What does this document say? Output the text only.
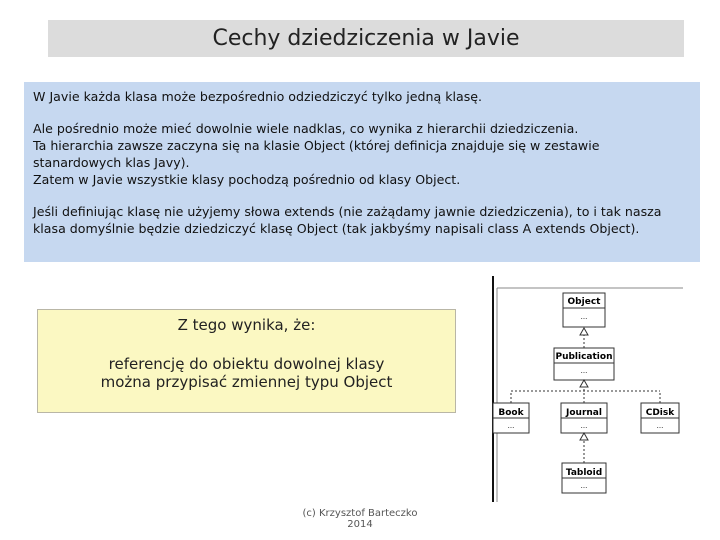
Cechy dziedziczenia w Javie

W Javie każda klasa może bezpośrednio odziedziczyć tylko jedną klasę.

Ale pośrednio może mieć dowolnie wiele nadklas, co wynika z hierarchii dziedziczenia.

Ta hierarchia zawsze zaczyna się na klasie Object (której definicja znajduje się w zestawie

stanardowych klas Javy).

Zatem w Javie wszystkie klasy pochodzą pośrednio od klasy Object.

Jeśli definiując klasę nie użyjemy słowa extends (nie zażądamy jawnie dziedziczenia), to i tak nasza

klasa domyślnie będzie dziedziczyć klasę Object (tak jakbyśmy napisali class A extends Object).

Z tego wynika, że:
referencję do obiektu dowolnej klasy
można przypisać zmiennej typu Object
Object
...
Publication
...
Book
...
Journal
...
CDisk
...
Tabloid
...
(c) Krzysztof Barteczko 2014
